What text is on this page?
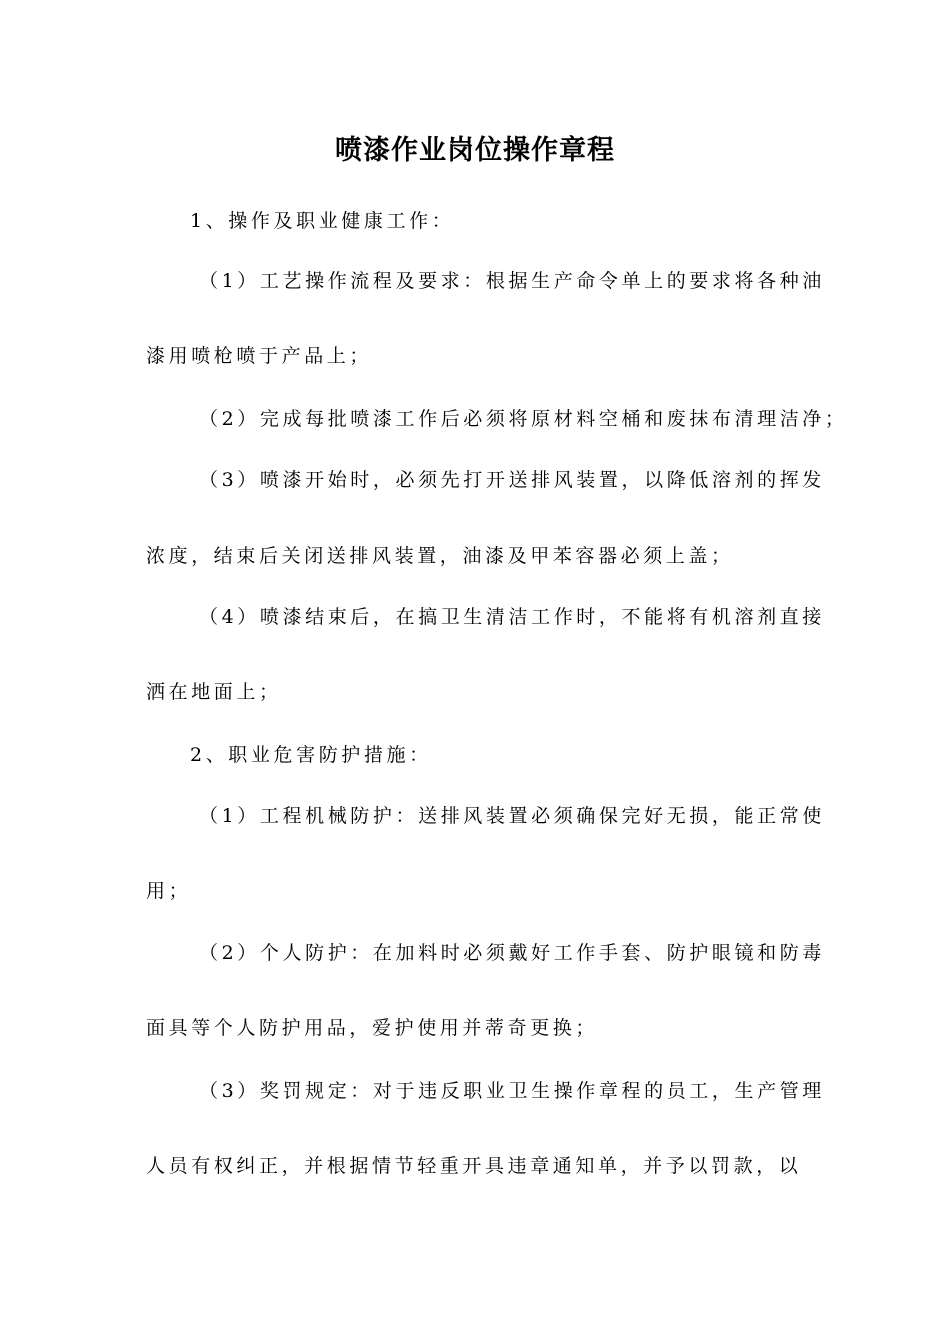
喷漆作业岗位操作章程

1、操作及职业健康工作：

（1）工艺操作流程及要求：根据生产命令单上的要求将各种油

漆用喷枪喷于产品上；

（2）完成每批喷漆工作后必须将原材料空桶和废抹布清理洁净；

（3）喷漆开始时，必须先打开送排风装置，以降低溶剂的挥发

浓度，结束后关闭送排风装置，油漆及甲苯容器必须上盖；

（4）喷漆结束后，在搞卫生清洁工作时，不能将有机溶剂直接

洒在地面上；

2、职业危害防护措施：

（1）工程机械防护：送排风装置必须确保完好无损，能正常使

用；

（2）个人防护：在加料时必须戴好工作手套、防护眼镜和防毒

面具等个人防护用品，爱护使用并蒂奇更换；

（3）奖罚规定：对于违反职业卫生操作章程的员工，生产管理

人员有权纠正，并根据情节轻重开具违章通知单，并予以罚款，以
